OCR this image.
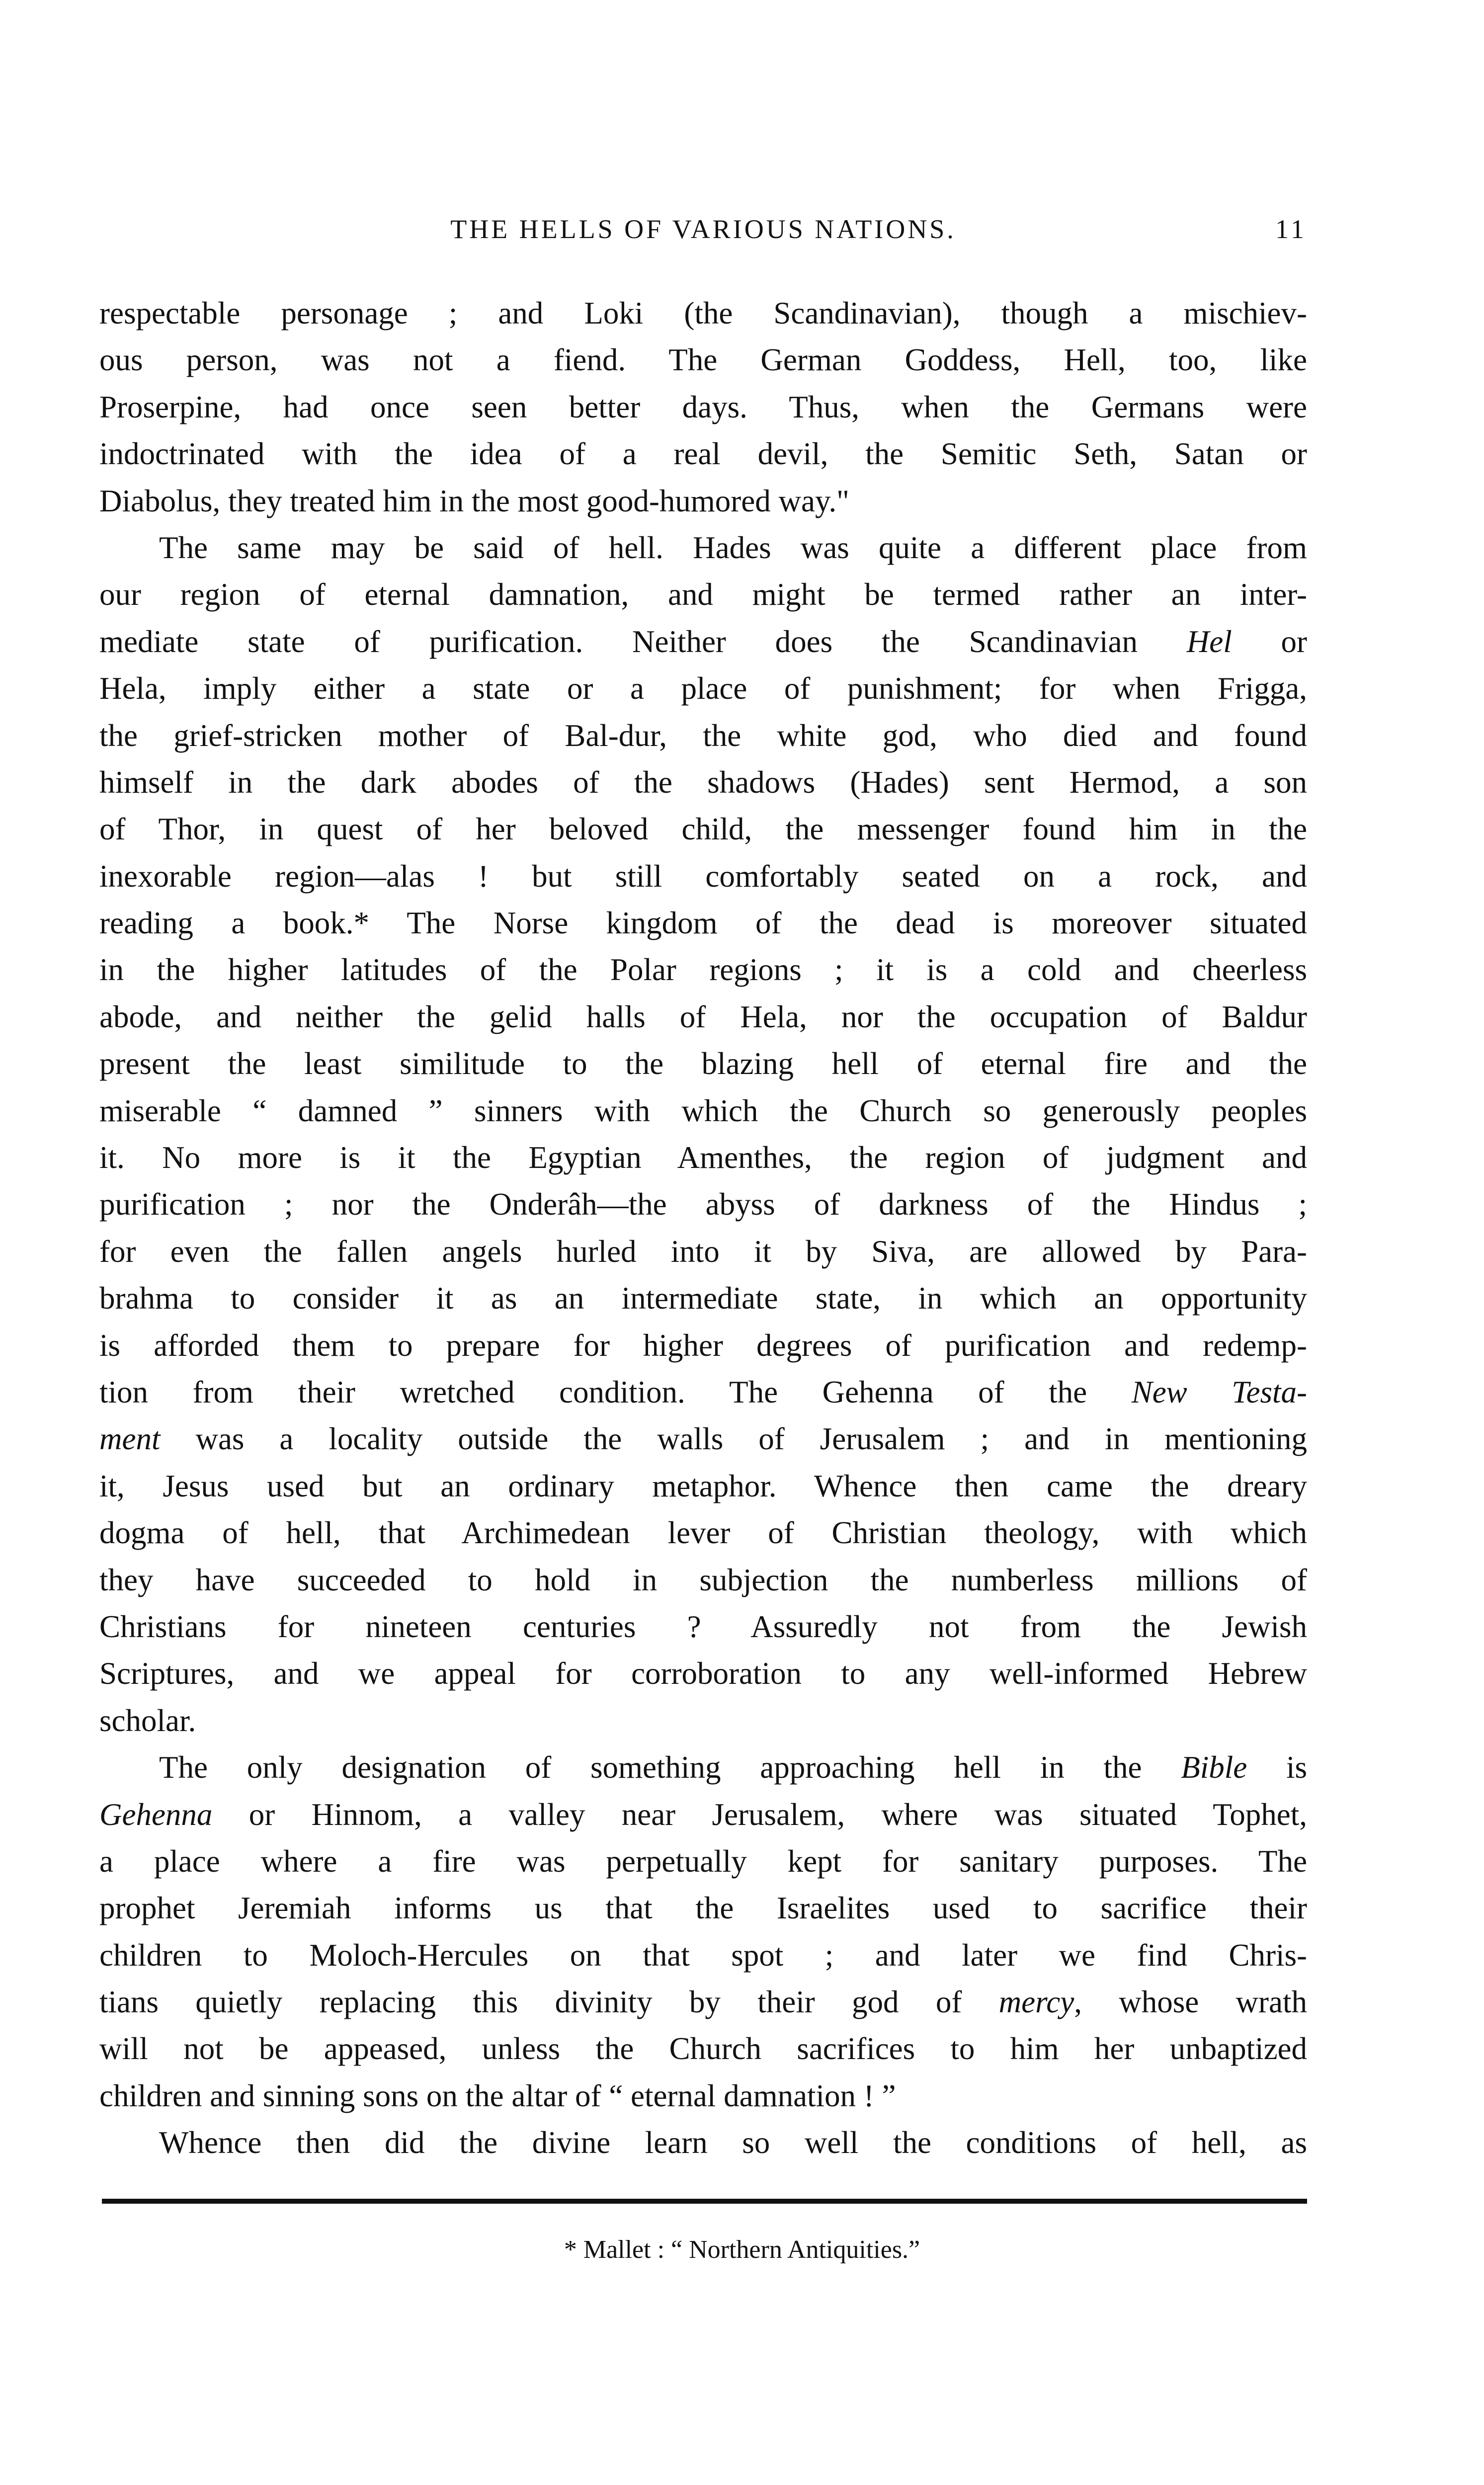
THE HELLS OF VARIOUS NATIONS.	11
respectable personage ; and Loki (the Scandinavian), though a mischiev-
ous person, was not a fiend. The German Goddess, Hell, too, like
Proserpine, had once seen better days. Thus, when the Germans were
indoctrinated with the idea of a real devil, the Semitic Seth, Satan or
Diabolus, they treated him in the most good-humored way."
The same may be said of hell. Hades was quite a different place from
our region of eternal damnation, and might be termed rather an inter-
mediate state of purification. Neither does the Scandinavian Hel or
Hela, imply either a state or a place of punishment; for when Frigga,
the grief-stricken mother of Bal-dur, the white god, who died and found
himself in the dark abodes of the shadows (Hades) sent Hermod, a son
of Thor, in quest of her beloved child, the messenger found him in the
inexorable region—alas ! but still comfortably seated on a rock, and
reading a book.* The Norse kingdom of the dead is moreover situated
in the higher latitudes of the Polar regions ; it is a cold and cheerless
abode, and neither the gelid halls of Hela, nor the occupation of Baldur
present the least similitude to the blazing hell of eternal fire and the
miserable “ damned ” sinners with which the Church so generously peoples
it. No more is it the Egyptian Amenthes, the region of judgment and
purification ; nor the Onderâh—the abyss of darkness of the Hindus ;
for even the fallen angels hurled into it by Siva, are allowed by Para-
brahma to consider it as an intermediate state, in which an opportunity
is afforded them to prepare for higher degrees of purification and redemp-
tion from their wretched condition. The Gehenna of the New Testa-
ment was a locality outside the walls of Jerusalem ; and in mentioning
it, Jesus used but an ordinary metaphor. Whence then came the dreary
dogma of hell, that Archimedean lever of Christian theology, with which
they have succeeded to hold in subjection the numberless millions of
Christians for nineteen centuries ? Assuredly not from the Jewish
Scriptures, and we appeal for corroboration to any well-informed Hebrew
scholar.
The only designation of something approaching hell in the Bible is
Gehenna or Hinnom, a valley near Jerusalem, where was situated Tophet,
a place where a fire was perpetually kept for sanitary purposes. The
prophet Jeremiah informs us that the Israelites used to sacrifice their
children to Moloch-Hercules on that spot ; and later we find Chris-
tians quietly replacing this divinity by their god of mercy, whose wrath
will not be appeased, unless the Church sacrifices to him her unbaptized
children and sinning sons on the altar of “ eternal damnation ! ”
Whence then did the divine learn so well the conditions of hell, as
* Mallet : “ Northern Antiquities.”
